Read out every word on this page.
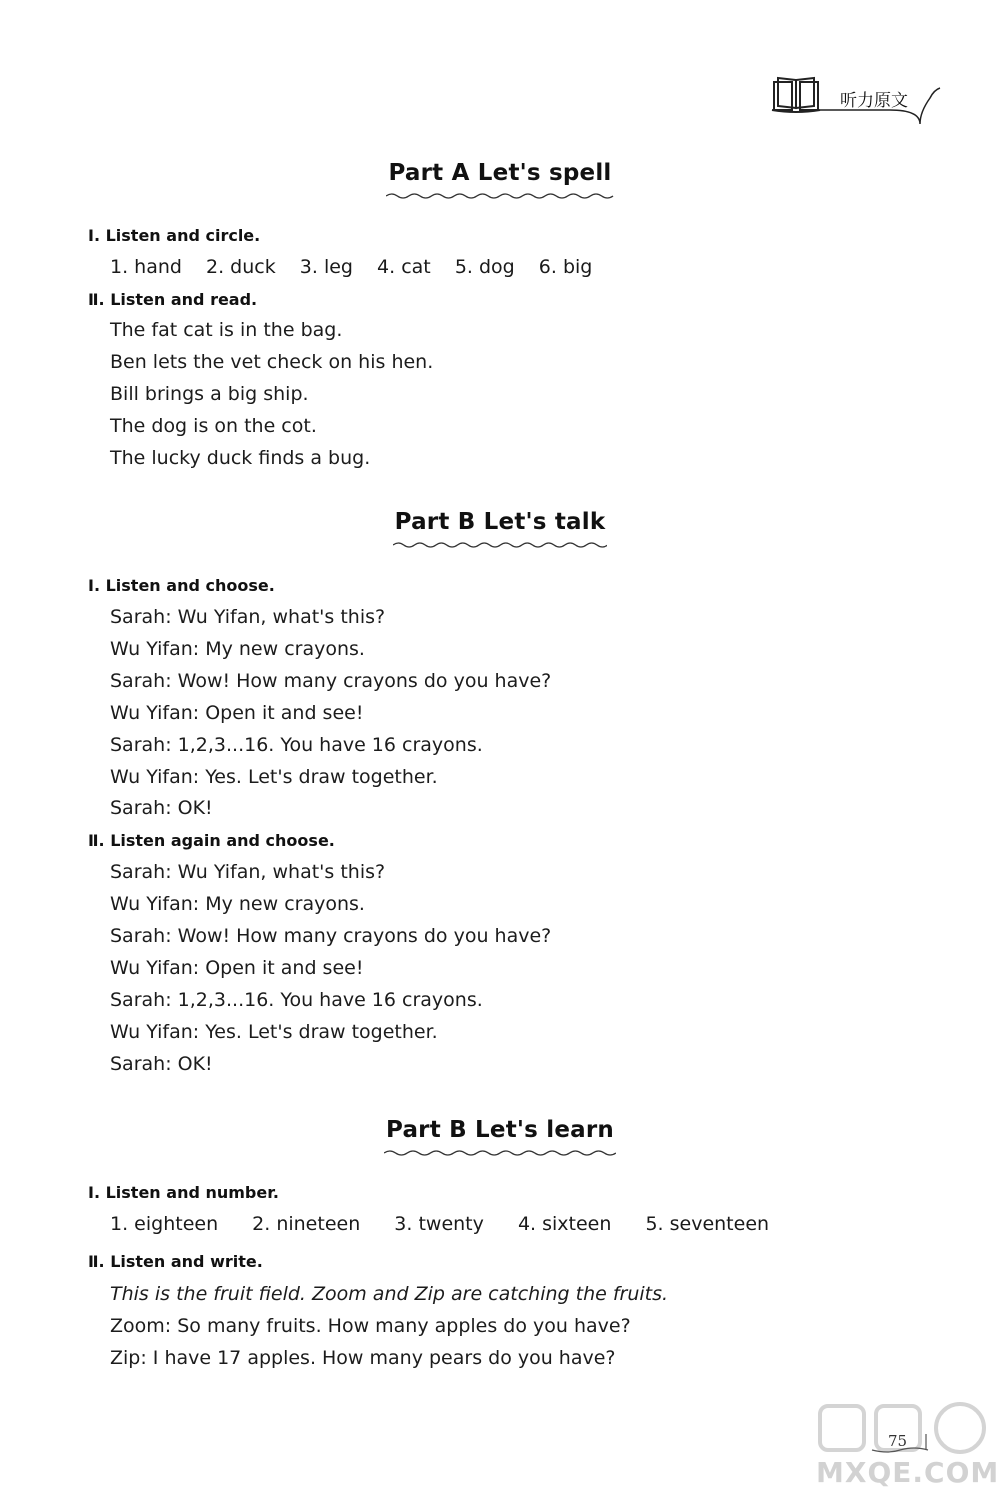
听力原文
Part A Let's spell
Ⅰ. Listen and circle.
1. hand 2. duck 3. leg 4. cat 5. dog 6. big
Ⅱ. Listen and read.
The fat cat is in the bag.
Ben lets the vet check on his hen.
Bill brings a big ship.
The dog is on the cot.
The lucky duck finds a bug.
Part B Let's talk
Ⅰ. Listen and choose.
Sarah: Wu Yifan, what's this?
Wu Yifan: My new crayons.
Sarah: Wow! How many crayons do you have?
Wu Yifan: Open it and see!
Sarah: 1,2,3...16. You have 16 crayons.
Wu Yifan: Yes. Let's draw together.
Sarah: OK!
Ⅱ. Listen again and choose.
Sarah: Wu Yifan, what's this?
Wu Yifan: My new crayons.
Sarah: Wow! How many crayons do you have?
Wu Yifan: Open it and see!
Sarah: 1,2,3...16. You have 16 crayons.
Wu Yifan: Yes. Let's draw together.
Sarah: OK!
Part B Let's learn
Ⅰ. Listen and number.
1. eighteen 2. nineteen 3. twenty 4. sixteen 5. seventeen
Ⅱ. Listen and write.
This is the fruit field. Zoom and Zip are catching the fruits.
Zoom: So many fruits. How many apples do you have?
Zip: I have 17 apples. How many pears do you have?
MXQE.COM
75
